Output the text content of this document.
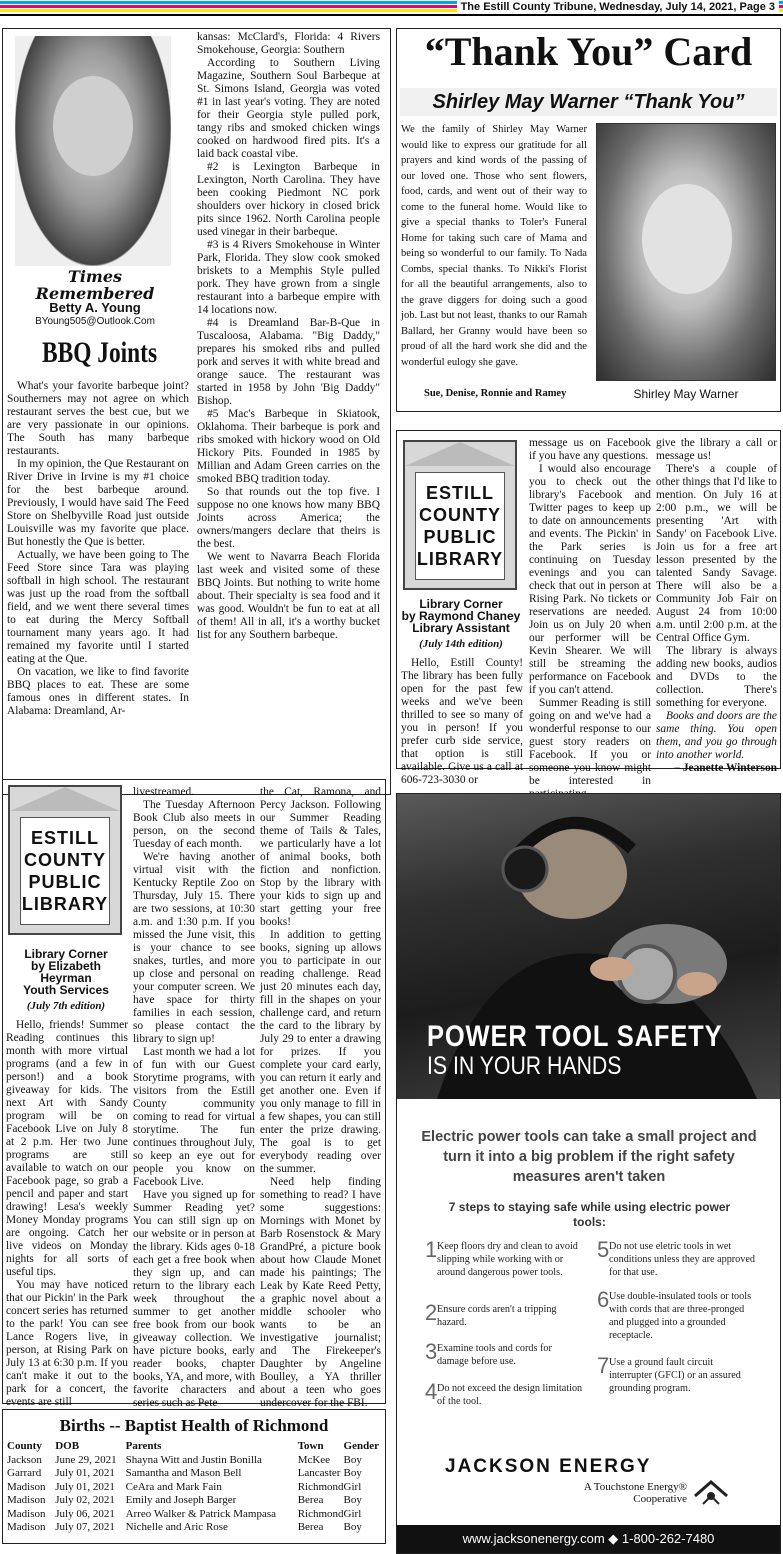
The Estill County Tribune, Wednesday, July 14, 2021, Page 3
Times
Remembered
Betty A. Young
BYoung505@Outlook.Com
BBQ Joints

What's your favorite barbeque joint? Southerners may not agree on which restaurant serves the best cue, but we are very passionate in our opinions. The South has many barbeque restaurants.

In my opinion, the Que Restaurant on River Drive in Irvine is my #1 choice for the best barbeque around. Previously, I would have said The Feed Store on Shelbyville Road just outside Louisville was my favorite que place. But honestly the Que is better.

Actually, we have been going to The Feed Store since Tara was playing softball in high school. The restaurant was just up the road from the softball field, and we went there several times to eat during the Mercy Softball tournament many years ago. It had remained my favorite until I started eating at the Que.

On vacation, we like to find favorite BBQ places to eat. These are some famous ones in different states. In Alabama: Dreamland, Ar-

kansas: McClard's, Florida: 4 Rivers Smokehouse, Georgia: Southern

According to Southern Living Magazine, Southern Soul Barbeque at St. Simons Island, Georgia was voted #1 in last year's voting. They are noted for their Georgia style pulled pork, tangy ribs and smoked chicken wings cooked on hardwood fired pits. It's a laid back coastal vibe.

#2 is Lexington Barbeque in Lexington, North Carolina. They have been cooking Piedmont NC pork shoulders over hickory in closed brick pits since 1962. North Carolina people used vinegar in their barbeque.

#3 is 4 Rivers Smokehouse in Winter Park, Florida. They slow cook smoked briskets to a Memphis Style pulled pork. They have grown from a single restaurant into a barbeque empire with 14 locations now.

#4 is Dreamland Bar-B-Que in Tuscaloosa, Alabama. "Big Daddy," prepares his smoked ribs and pulled pork and serves it with white bread and orange sauce. The restaurant was started in 1958 by John 'Big Daddy" Bishop.

#5 Mac's Barbeque in Skiatook, Oklahoma. Their barbeque is pork and ribs smoked with hickory wood on Old Hickory Pits. Founded in 1985 by Millian and Adam Green carries on the smoked BBQ tradition today.

So that rounds out the top five. I suppose no one knows how many BBQ Joints across America; the owners/mangers declare that theirs is the best.

We went to Navarra Beach Florida last week and visited some of these BBQ Joints. But nothing to write home about. Their specialty is sea food and it was good. Wouldn't be fun to eat at all of them! All in all, it's a worthy bucket list for any Southern barbeque.

“Thank You” Card
Shirley May Warner “Thank You”
We the family of Shirley May Warner would like to express our gratitude for all prayers and kind words of the passing of our loved one. Those who sent flowers, food, cards, and went out of their way to come to the funeral home. Would like to give a special thanks to Toler's Funeral Home for taking such care of Mama and being so wonderful to our family. To Nada Combs, special thanks. To Nikki's Florist for all the beautiful arrangements, also to the grave diggers for doing such a good job. Last but not least, thanks to our Ramah Ballard, her Granny would have been so proud of all the hard work she did and the wonderful eulogy she gave.
Sue, Denise, Ronnie and Ramey	Shirley May Warner
ESTILL
COUNTY
PUBLIC
LIBRARY
Library Corner
by Raymond Chaney
Library Assistant
(July 14th edition)

Hello, Estill County! The library has been fully open for the past few weeks and we've been thrilled to see so many of you in person! If you prefer curb side service, that option is still available. Give us a call at 606-723-3030 or

message us on Facebook if you have any questions.

I would also encourage you to check out the library's Facebook and Twitter pages to keep up to date on announcements and events. The Pickin' in the Park series is continuing on Tuesday evenings and you can check that out in person at Rising Park. No tickets or reservations are needed. Join us on July 20 when our performer will be Kevin Shearer. We will still be streaming the performance on Facebook if you can't attend.

Summer Reading is still going on and we've had a wonderful response to our guest story readers on Facebook. If you or someone you know might be interested in

give the library a call or message us!

There's a couple of other things that I'd like to mention. On July 16 at 2:00 p.m., we will be presenting 'Art with Sandy' on Facebook Live. Join us for a free art lesson presented by the talented Sandy Savage. There will also be a Community Job Fair on August 24 from 10:00 a.m. until 2:00 p.m. at the Central Office Gym.

The library is always adding new books, audios and DVDs to the collection. There's something for everyone.

Books and doors are the same thing. You open them, and you go through into another world.

– Jeanette Winterson

ESTILL
COUNTY
PUBLIC
LIBRARY
Library Corner
by Elizabeth
Heyrman
Youth Services
(July 7th edition)

Hello, friends! Summer Reading continues this month with more virtual programs (and a few in person!) and a book giveaway for kids. The next Art with Sandy program will be on Facebook Live on July 8 at 2 p.m. Her two June programs are still available to watch on our Facebook page, so grab a pencil and paper and start drawing! Lesa's weekly Money Monday programs are ongoing. Catch her live videos on Monday nights for all sorts of useful tips.

You may have noticed that our Pickin' in the Park concert series has returned to the park! You can see Lance Rogers live, in person, at Rising Park on July 13 at 6:30 p.m. If you can't make it out to the park for a concert, the events are still

livestreamed.

The Tuesday Afternoon Book Club also meets in person, on the second Tuesday of each month.

We're having another virtual visit with the Kentucky Reptile Zoo on Thursday, July 15. There are two sessions, at 10:30 a.m. and 1:30 p.m. If you missed the June visit, this is your chance to see snakes, turtles, and more up close and personal on your computer screen. We have space for thirty families in each session, so please contact the library to sign up!

Last month we had a lot of fun with our Guest Storytime programs, with visitors from the Estill County community coming to read for virtual storytime. The fun continues throughout July, so keep an eye out for people you know on Facebook Live.

Have you signed up for Summer Reading yet? You can still sign up on our website or in person at the library. Kids ages 0-18 each get a free book when they sign up, and can return to the library each week throughout the summer to get another free book from our book giveaway collection. We have picture books, early reader books, chapter books, YA, and more, with favorite characters and series such as Pete

the Cat, Ramona, and Percy Jackson. Following our Summer Reading theme of Tails & Tales, we particularly have a lot of animal books, both fiction and nonfiction. Stop by the library with your kids to sign up and start getting your free books!

In addition to getting books, signing up allows you to participate in our reading challenge. Read just 20 minutes each day, fill in the shapes on your challenge card, and return the card to the library by July 29 to enter a drawing for prizes. If you complete your card early, you can return it early and get another one. Even if you only manage to fill in a few shapes, you can still enter the prize drawing. The goal is to get everybody reading over the summer.

Need help finding something to read? I have some suggestions: Mornings with Monet by Barb Rosenstock & Mary GrandPré, a picture book about how Claude Monet made his paintings; The Leak by Kate Reed Petty, a graphic novel about a middle schooler who wants to be an investigative journalist; and The Firekeeper's Daughter by Angeline Boulley, a YA thriller about a teen who goes undercover for the FBI.

Births -- Baptist Health of Richmond
County	DOB	Parents	Town	Gender
Jackson	June 29, 2021	Shayna Witt and Justin Bonilla	McKee	Boy
Garrard	July 01, 2021	Samantha and Mason Bell	Lancaster	Boy
Madison	July 01, 2021	CeAra and Mark Fain	Richmond	Girl
Madison	July 02, 2021	Emily and Joseph Barger	Berea	Boy
Madison	July 06, 2021	Arreo Walker & Patrick Mampasa	Richmond	Girl
Madison	July 07, 2021	Nichelle and Aric Rose	Berea	Boy
POWER TOOL SAFETY
IS IN YOUR HANDS
Electric power tools can take a small project and turn it into a big problem if the right safety measures aren't taken
7 steps to staying safe while using electric power tools:
1 Keep floors dry and clean to avoid slipping while working with or around dangerous power tools.
2 Ensure cords aren't a tripping hazard.
3 Examine tools and cords for damage before use.
4 Do not exceed the design limitation of the tool.
5 Do not use eletric tools in wet conditions unless they are approved for that use.
6 Use double-insulated tools or tools with cords that are three-pronged and plugged into a grounded receptacle.
7 Use a ground fault circuit interrupter (GFCI) or an assured grounding program.
JACKSON ENERGY
A Touchstone Energy®
Cooperative
www.jacksonenergy.com ◆ 1-800-262-7480
